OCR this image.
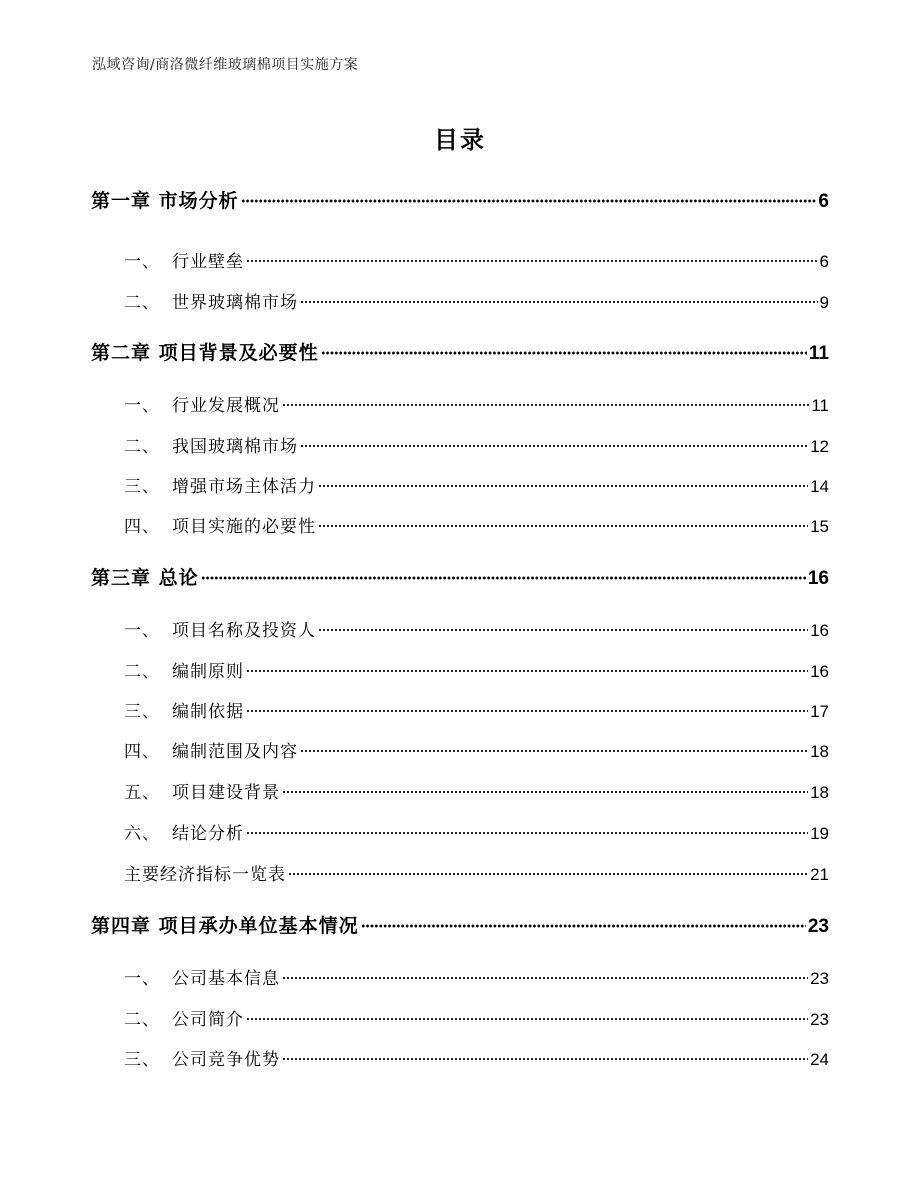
泓域咨询/商洛微纤维玻璃棉项目实施方案
目录
第一章 市场分析	6
一、 行业壁垒	6
二、 世界玻璃棉市场	9
第二章 项目背景及必要性	11
一、 行业发展概况	11
二、 我国玻璃棉市场	12
三、 增强市场主体活力	14
四、 项目实施的必要性	15
第三章 总论	16
一、 项目名称及投资人	16
二、 编制原则	16
三、 编制依据	17
四、 编制范围及内容	18
五、 项目建设背景	18
六、 结论分析	19
主要经济指标一览表	21
第四章 项目承办单位基本情况	23
一、 公司基本信息	23
二、 公司简介	23
三、 公司竞争优势	24
